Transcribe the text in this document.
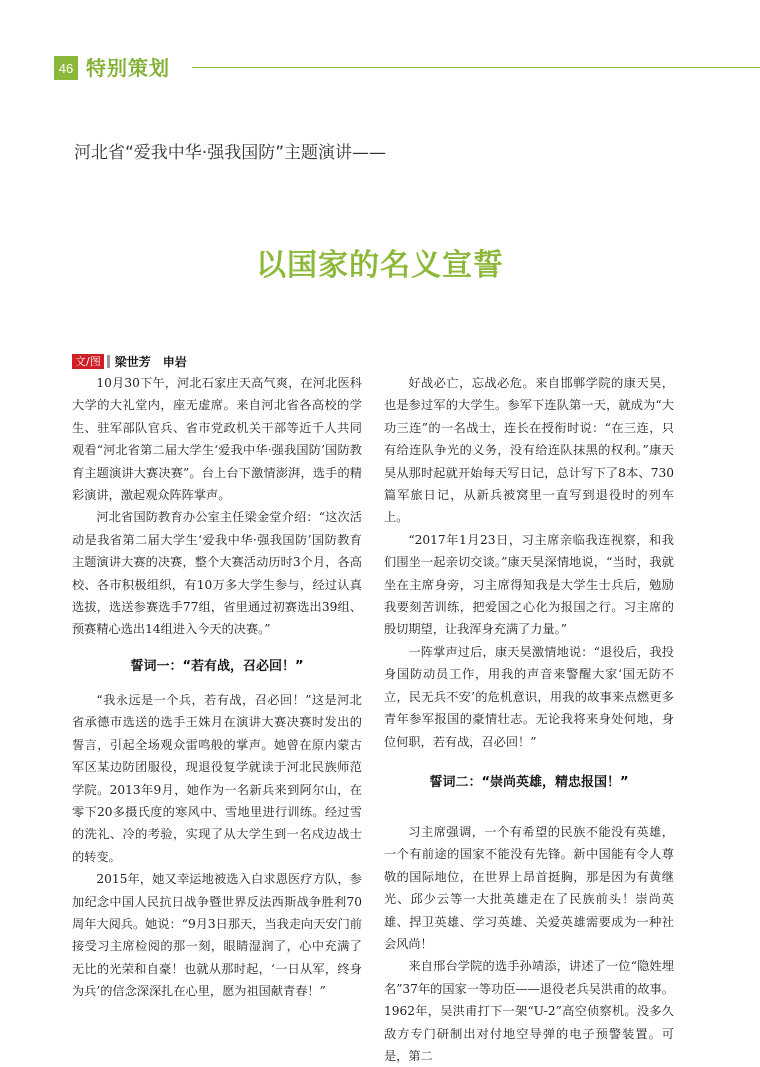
46 特别策划
河北省“爱我中华·强我国防”主题演讲——
以国家的名义宣誓
文/图 梁世芳　申岩

10月30下午，河北石家庄天高气爽，在河北医科大学的大礼堂内，座无虚席。来自河北省各高校的学生、驻军部队官兵、省市党政机关干部等近千人共同观看“河北省第二届大学生‘爱我中华·强我国防’国防教育主题演讲大赛决赛”。台上台下激情澎湃，选手的精彩演讲，激起观众阵阵掌声。

河北省国防教育办公室主任梁金堂介绍：“这次活动是我省第二届大学生‘爱我中华·强我国防’国防教育主题演讲大赛的决赛，整个大赛活动历时3个月，各高校、各市积极组织，有10万多大学生参与，经过认真选拔，选送参赛选手77组，省里通过初赛选出39组、预赛精心选出14组进入今天的决赛。”

誓词一：“若有战，召必回！”

“我永远是一个兵，若有战，召必回！”这是河北省承德市选送的选手王姝月在演讲大赛决赛时发出的誓言，引起全场观众雷鸣般的掌声。她曾在原内蒙古军区某边防团服役，现退役复学就读于河北民族师范学院。2013年9月，她作为一名新兵来到阿尔山，在零下20多摄氏度的寒风中、雪地里进行训练。经过雪的洗礼、冷的考验，实现了从大学生到一名戍边战士的转变。

2015年，她又幸运地被选入白求恩医疗方队，参加纪念中国人民抗日战争暨世界反法西斯战争胜利70周年大阅兵。她说：“9月3日那天，当我走向天安门前接受习主席检阅的那一刻，眼睛湿润了，心中充满了无比的光荣和自豪！也就从那时起，‘一日从军，终身为兵’的信念深深扎在心里，愿为祖国献青春！”

好战必亡，忘战必危。来自邯郸学院的康天昊，也是参过军的大学生。参军下连队第一天，就成为“大功三连”的一名战士，连长在授衔时说：“在三连，只有给连队争光的义务，没有给连队抹黑的权利。”康天昊从那时起就开始每天写日记，总计写下了8本、730篇军旅日记，从新兵被窝里一直写到退役时的列车上。

“2017年1月23日，习主席亲临我连视察，和我们围坐一起亲切交谈。”康天昊深情地说，“当时，我就坐在主席身旁，习主席得知我是大学生士兵后，勉励我要刻苦训练，把爱国之心化为报国之行。习主席的殷切期望，让我浑身充满了力量。”

一阵掌声过后，康天昊激情地说：“退役后，我投身国防动员工作，用我的声音来警醒大家‘国无防不立，民无兵不安’的危机意识，用我的故事来点燃更多青年参军报国的豪情壮志。无论我将来身处何地，身位何职，若有战，召必回！”

誓词二：“崇尚英雄，精忠报国！”

习主席强调，一个有希望的民族不能没有英雄，一个有前途的国家不能没有先锋。新中国能有令人尊敬的国际地位，在世界上昂首挺胸，那是因为有黄继光、邱少云等一大批英雄走在了民族前头！崇尚英雄、捍卫英雄、学习英雄、关爱英雄需要成为一种社会风尚！

来自邢台学院的选手孙靖添，讲述了一位“隐姓埋名”37年的国家一等功臣——退役老兵吴洪甫的故事。1962年，吴洪甫打下一架“U-2”高空侦察机。没多久敌方专门研制出对付地空导弹的电子预警装置。可是，第二
